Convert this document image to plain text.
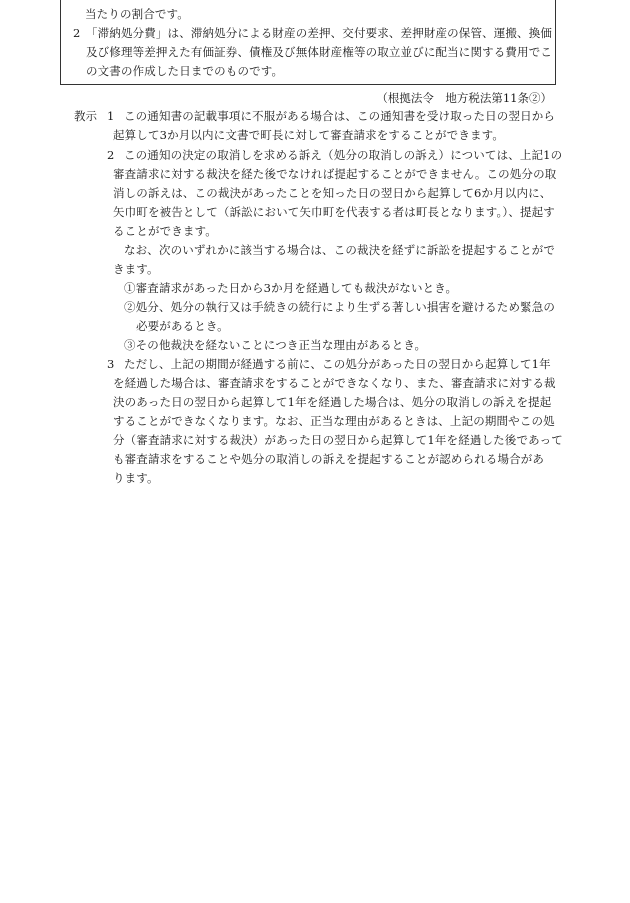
当たりの割合です。
2 「滞納処分費」は、滞納処分による財産の差押、交付要求、差押財産の保管、運搬、換価
及び修理等差押えた有価証券、債権及び無体財産権等の取立並びに配当に関する費用でこ
の文書の作成した日までのものです。
（根拠法令　地方税法第11条②）
教示 1 この通知書の記載事項に不服がある場合は、この通知書を受け取った日の翌日から
起算して3か月以内に文書で町長に対して審査請求をすることができます。
2 この通知の決定の取消しを求める訴え（処分の取消しの訴え）については、上記1の
審査請求に対する裁決を経た後でなければ提起することができません。この処分の取
消しの訴えは、この裁決があったことを知った日の翌日から起算して6か月以内に、
矢巾町を被告として（訴訟において矢巾町を代表する者は町長となります。）、提起す
ることができます。
なお、次のいずれかに該当する場合は、この裁決を経ずに訴訟を提起することがで
きます。
①審査請求があった日から3か月を経過しても裁決がないとき。
②処分、処分の執行又は手続きの続行により生ずる著しい損害を避けるため緊急の
必要があるとき。
③その他裁決を経ないことにつき正当な理由があるとき。
3 ただし、上記の期間が経過する前に、この処分があった日の翌日から起算して1年
を経過した場合は、審査請求をすることができなくなり、また、審査請求に対する裁
決のあった日の翌日から起算して1年を経過した場合は、処分の取消しの訴えを提起
することができなくなります。なお、正当な理由があるときは、上記の期間やこの処
分（審査請求に対する裁決）があった日の翌日から起算して1年を経過した後であって
も審査請求をすることや処分の取消しの訴えを提起することが認められる場合があ
ります。
